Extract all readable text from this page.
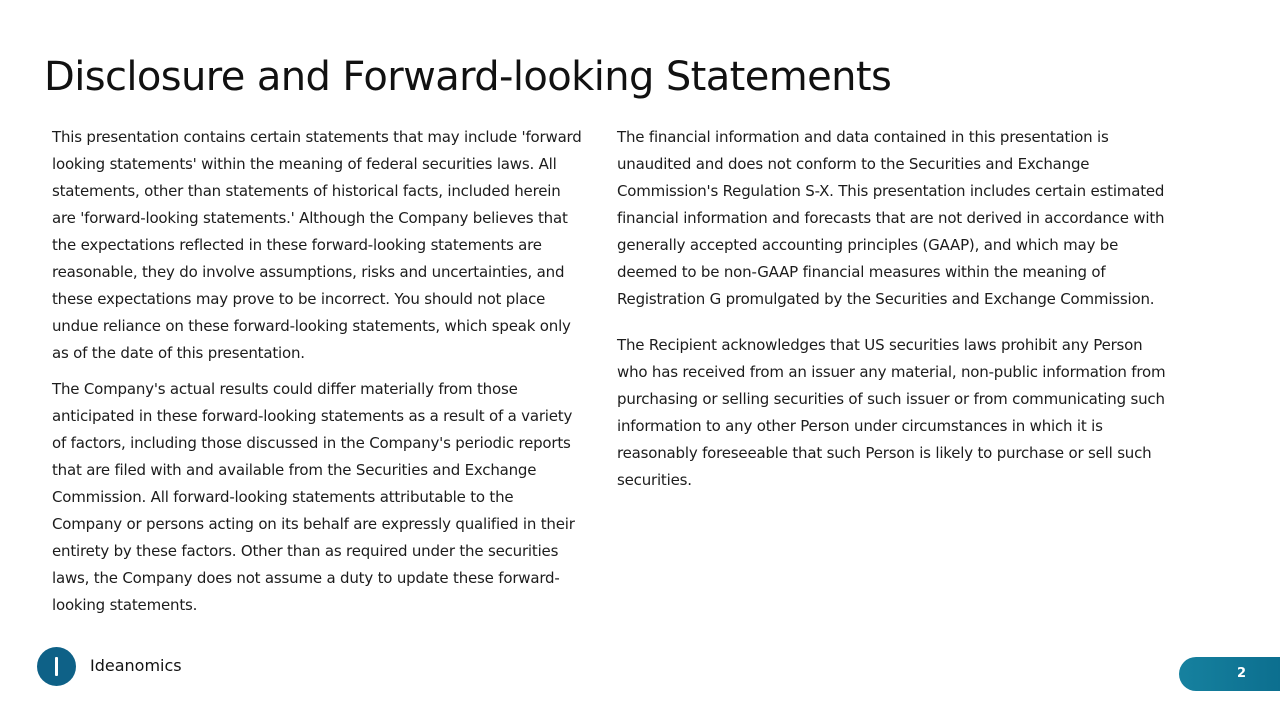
Disclosure and Forward-looking Statements

This presentation contains certain statements that may include 'forward looking statements' within the meaning of federal securities laws. All statements, other than statements of historical facts, included herein are 'forward-looking statements.' Although the Company believes that the expectations reflected in these forward-looking statements are reasonable, they do involve assumptions, risks and uncertainties, and these expectations may prove to be incorrect. You should not place undue reliance on these forward-looking statements, which speak only as of the date of this presentation.

The Company's actual results could differ materially from those anticipated in these forward-looking statements as a result of a variety of factors, including those discussed in the Company's periodic reports that are filed with and available from the Securities and Exchange Commission. All forward-looking statements attributable to the Company or persons acting on its behalf are expressly qualified in their entirety by these factors. Other than as required under the securities laws, the Company does not assume a duty to update these forward-looking statements.

The financial information and data contained in this presentation is unaudited and does not conform to the Securities and Exchange Commission's Regulation S-X. This presentation includes certain estimated financial information and forecasts that are not derived in accordance with generally accepted accounting principles (GAAP), and which may be deemed to be non-GAAP financial measures within the meaning of Registration G promulgated by the Securities and Exchange Commission.

The Recipient acknowledges that US securities laws prohibit any Person who has received from an issuer any material, non-public information from purchasing or selling securities of such issuer or from communicating such information to any other Person under circumstances in which it is reasonably foreseeable that such Person is likely to purchase or sell such securities.

Ideanomics	2
